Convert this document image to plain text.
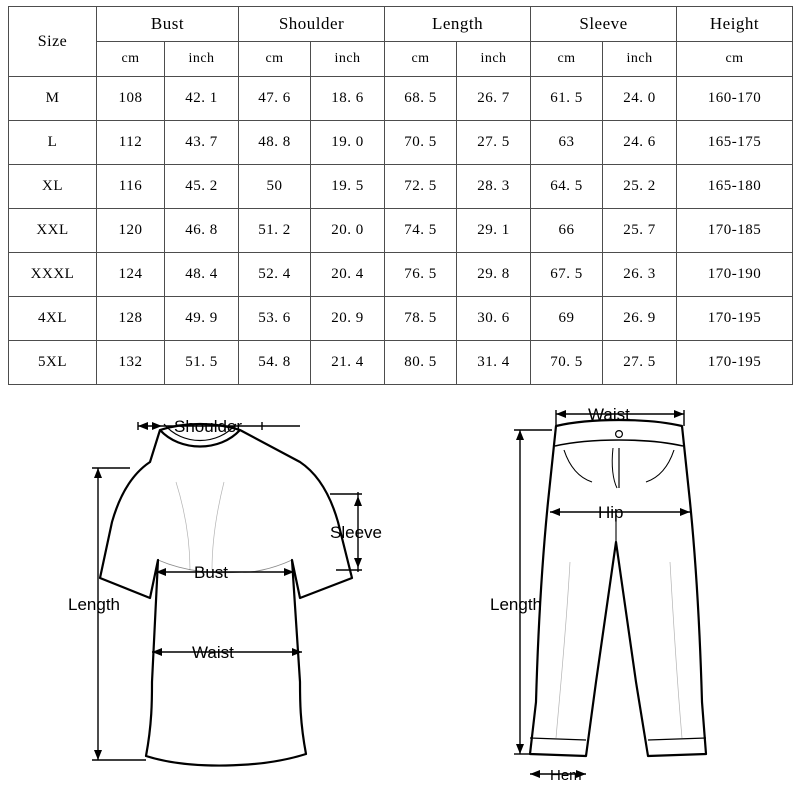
Size	Bust		Shoulder		Length		Sleeve		Height
	cm	inch	cm	inch	cm	inch	cm	inch	cm
M	108	42. 1	47. 6	18. 6	68. 5	26. 7	61. 5	24. 0	160-170
L	112	43. 7	48. 8	19. 0	70. 5	27. 5	63	24. 6	165-175
XL	116	45. 2	50	19. 5	72. 5	28. 3	64. 5	25. 2	165-180
XXL	120	46. 8	51. 2	20. 0	74. 5	29. 1	66	25. 7	170-185
XXXL	124	48. 4	52. 4	20. 4	76. 5	29. 8	67. 5	26. 3	170-190
4XL	128	49. 9	53. 6	20. 9	78. 5	30. 6	69	26. 9	170-195
5XL	132	51. 5	54. 8	21. 4	80. 5	31. 4	70. 5	27. 5	170-195
Shoulder
Sleeve
Bust
Waist
Length
Waist
Hip
Length
Hem
